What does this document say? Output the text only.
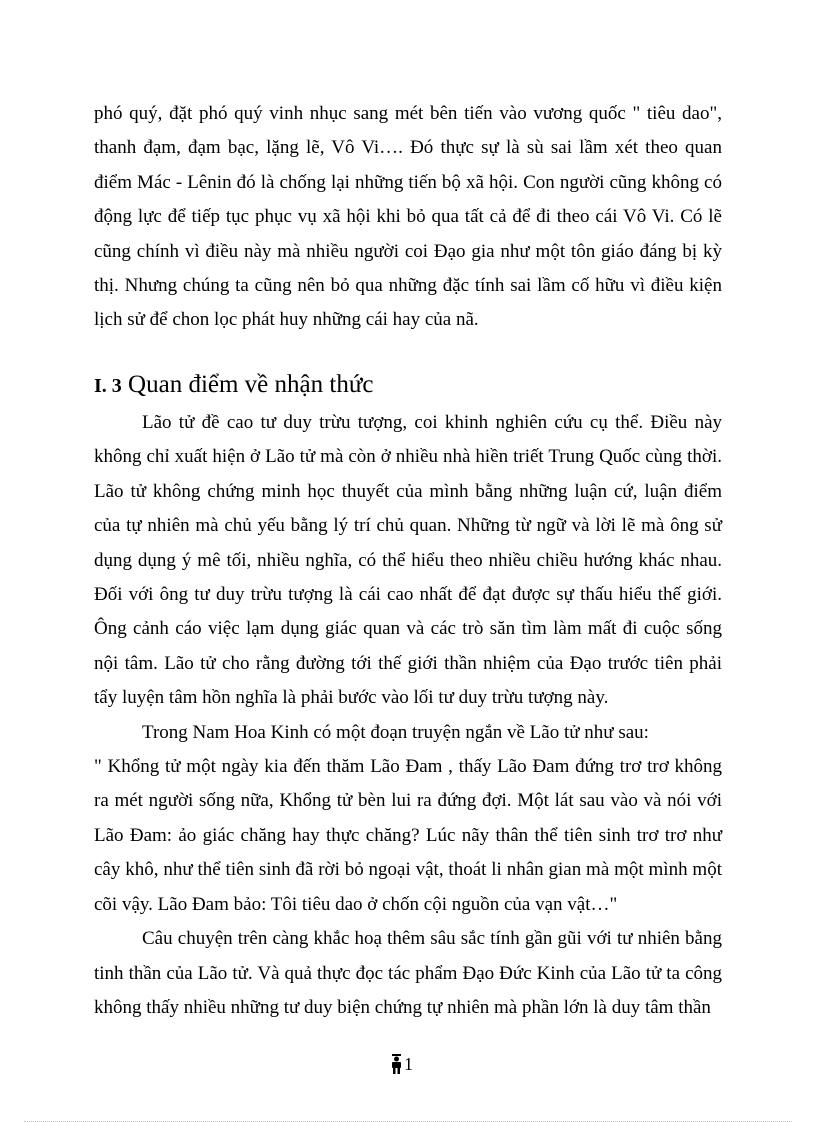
phó quý, đặt phó quý vinh nhục sang mét bên tiến vào vương quốc " tiêu dao", thanh đạm, đạm bạc, lặng lẽ, Vô Vi…. Đó thực sự là sù sai lầm xét theo quan điểm Mác - Lênin đó là chống lại những tiến bộ xã hội. Con người cũng không có động lực để tiếp tục phục vụ xã hội khi bỏ qua tất cả để đi theo cái Vô Vi. Có lẽ cũng chính vì điều này mà nhiều người coi Đạo gia như một tôn giáo đáng bị kỳ thị. Nhưng chúng ta cũng nên bỏ qua những đặc tính sai lầm cố hữu vì điều kiện lịch sử để chon lọc phát huy những cái hay của nã.

I. 3 Quan điểm về nhận thức

Lão tử đề cao tư duy trừu tượng, coi khinh nghiên cứu cụ thể. Điều này không chỉ xuất hiện ở Lão tử mà còn ở nhiều nhà hiền triết Trung Quốc cùng thời. Lão tử không chứng minh học thuyết của mình bằng những luận cứ, luận điểm của tự nhiên mà chủ yếu bằng lý trí chủ quan. Những từ ngữ và lời lẽ mà ông sử dụng dụng ý mê tối, nhiều nghĩa, có thể hiểu theo nhiều chiều hướng khác nhau. Đối với ông tư duy trừu tượng là cái cao nhất để đạt được sự thấu hiểu thế giới. Ông cảnh cáo việc lạm dụng giác quan và các trò săn tìm làm mất đi cuộc sống nội tâm. Lão tử cho rằng đường tới thế giới thần nhiệm của Đạo trước tiên phải tẩy luyện tâm hồn nghĩa là phải bước vào lối tư duy trừu tượng này.

Trong Nam Hoa Kinh có một đoạn truyện ngắn về Lão tử như sau:

" Khổng tử một ngày kia đến thăm Lão Đam , thấy Lão Đam đứng trơ trơ không ra mét người sống nữa, Khổng tử bèn lui ra đứng đợi. Một lát sau vào và nói với Lão Đam: ảo giác chăng hay thực chăng? Lúc nãy thân thể tiên sinh trơ trơ như cây khô, như thể tiên sinh đã rời bỏ ngoại vật, thoát li nhân gian mà một mình một cõi vậy. Lão Đam bảo: Tôi tiêu dao ở chốn cội nguồn của vạn vật…"

Câu chuyện trên càng khắc hoạ thêm sâu sắc tính gần gũi với tư nhiên bằng tinh thần của Lão tử. Và quả thực đọc tác phẩm Đạo Đức Kinh của Lão tử ta công không thấy nhiều những tư duy biện chứng tự nhiên mà phần lớn là duy tâm thần

1
